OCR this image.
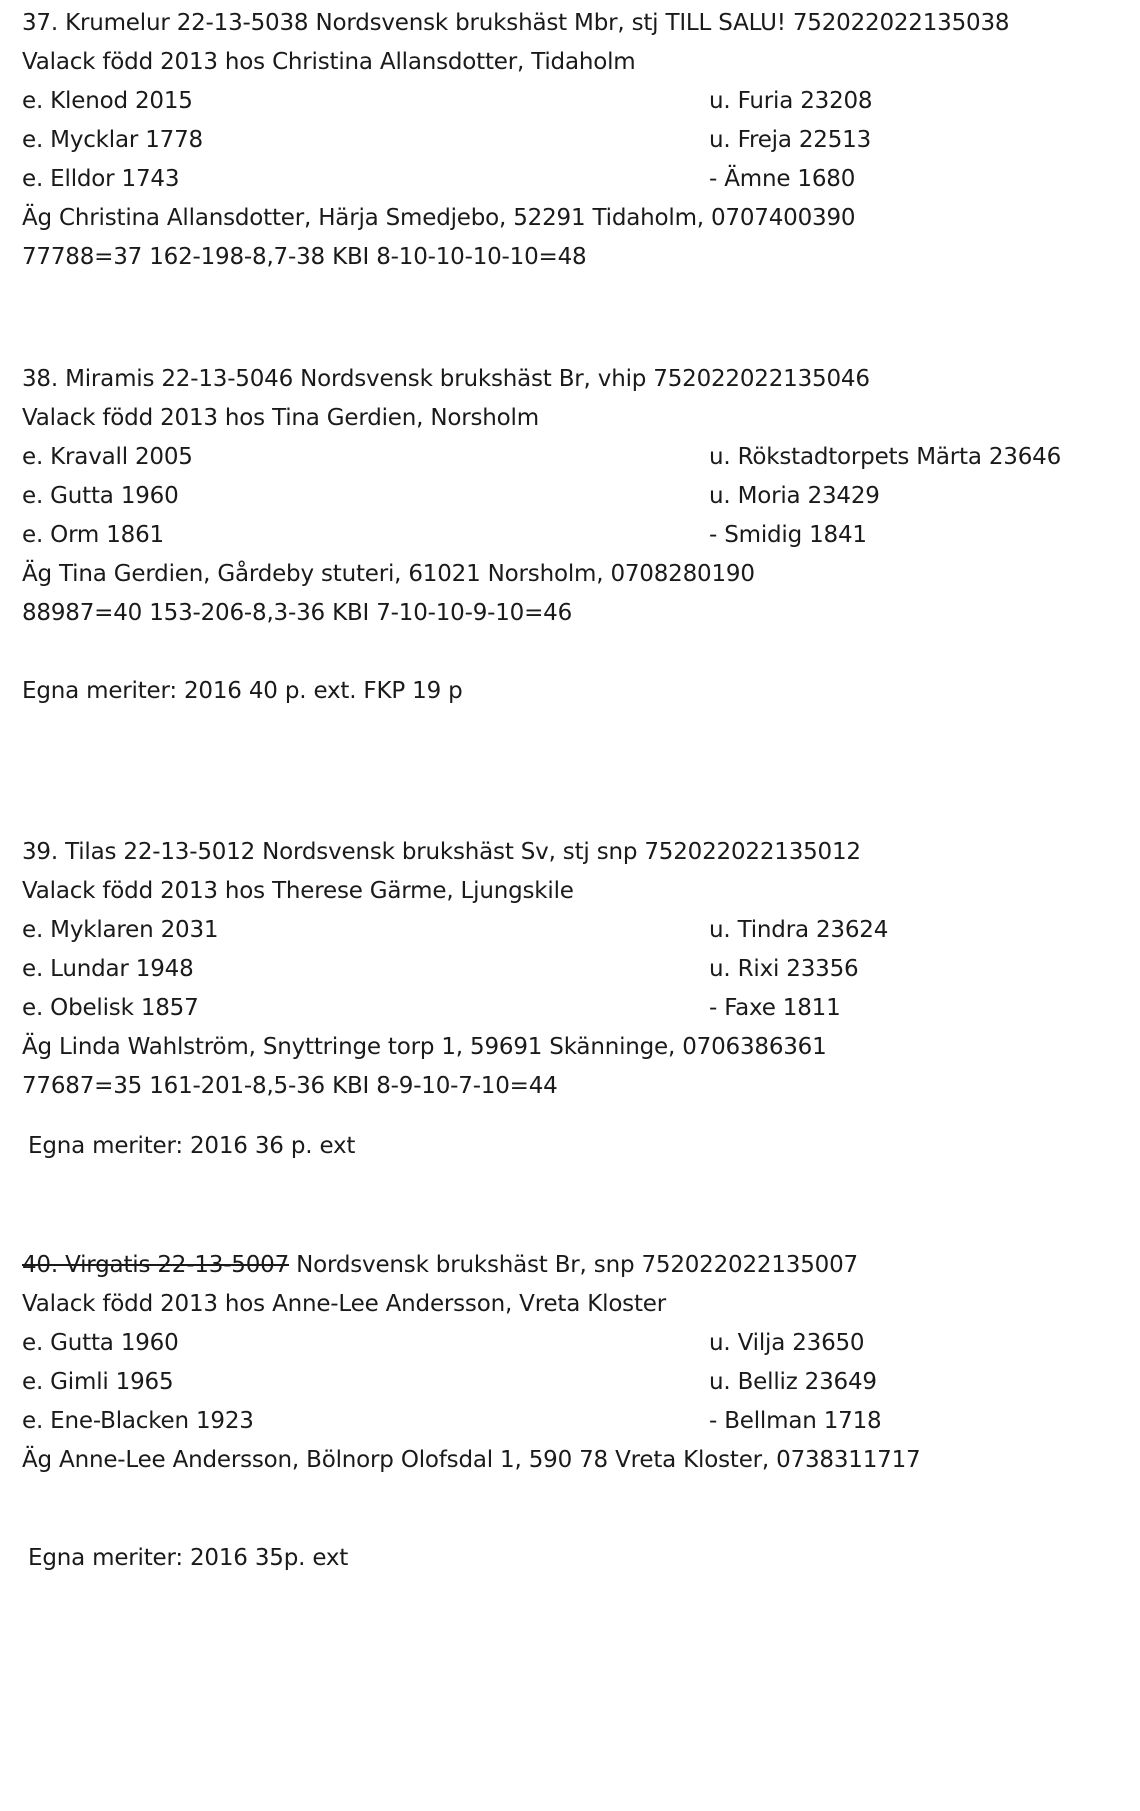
37. Krumelur 22-13-5038 Nordsvensk brukshäst Mbr, stj TILL SALU! 752022022135038
Valack född 2013 hos Christina Allansdotter, Tidaholm
e. Klenod 2015	u. Furia 23208
e. Mycklar 1778	u. Freja 22513
e. Elldor 1743	- Ämne 1680
Äg Christina Allansdotter, Härja Smedjebo, 52291 Tidaholm, 0707400390
77788=37 162-198-8,7-38 KBI 8-10-10-10-10=48
38. Miramis 22-13-5046 Nordsvensk brukshäst Br, vhip 752022022135046
Valack född 2013 hos Tina Gerdien, Norsholm
e. Kravall 2005	u. Rökstadtorpets Märta 23646
e. Gutta 1960	u. Moria 23429
e. Orm 1861	- Smidig 1841
Äg Tina Gerdien, Gårdeby stuteri, 61021 Norsholm, 0708280190
88987=40 153-206-8,3-36 KBI 7-10-10-9-10=46
Egna meriter: 2016 40 p. ext. FKP 19 p
39. Tilas 22-13-5012 Nordsvensk brukshäst Sv, stj snp 752022022135012
Valack född 2013 hos Therese Gärme, Ljungskile
e. Myklaren 2031	u. Tindra 23624
e. Lundar 1948	u. Rixi 23356
e. Obelisk 1857	- Faxe 1811
Äg Linda Wahlström, Snyttringe torp 1, 59691 Skänninge, 0706386361
77687=35 161-201-8,5-36 KBI 8-9-10-7-10=44
Egna meriter: 2016 36 p. ext
40. Virgatis 22-13-5007 Nordsvensk brukshäst Br, snp 752022022135007
Valack född 2013 hos Anne-Lee Andersson, Vreta Kloster
e. Gutta 1960	u. Vilja 23650
e. Gimli 1965	u. Belliz 23649
e. Ene-Blacken 1923	- Bellman 1718
Äg Anne-Lee Andersson, Bölnorp Olofsdal 1, 590 78 Vreta Kloster, 0738311717
Egna meriter: 2016 35p. ext
